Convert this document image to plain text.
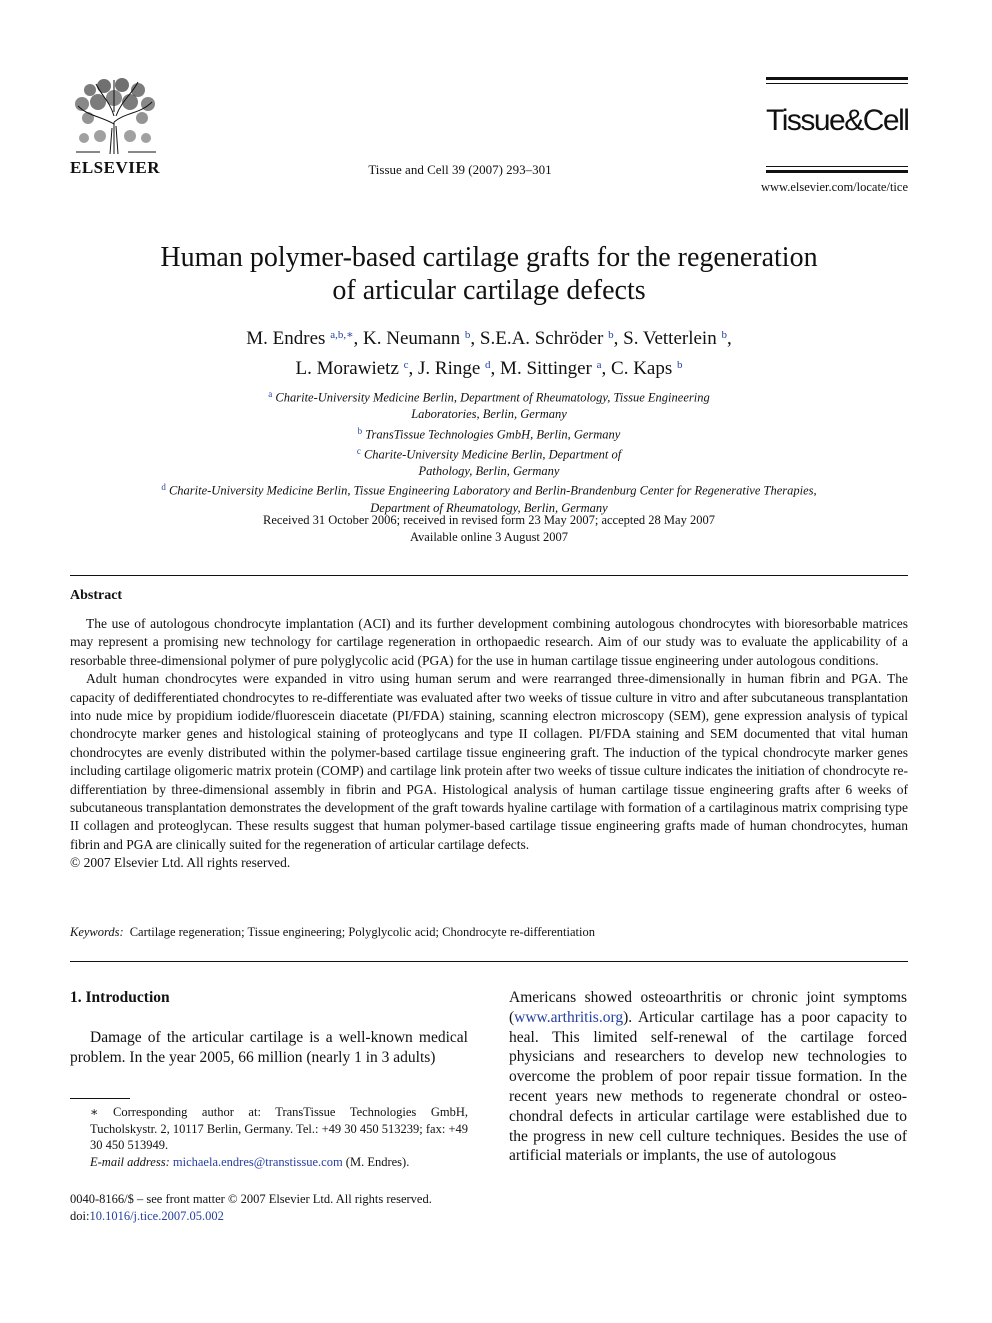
ELSEVIER	Tissue and Cell 39 (2007) 293–301
Tissue&Cell
www.elsevier.com/locate/tice
Human polymer-based cartilage grafts for the regeneration
of articular cartilage defects
M. Endres $^{a,b,∗}$, K. Neumann $^b$, S.E.A. Schröder $^b$, S. Vetterlein $^b$,
L. Morawietz $^c$, J. Ringe $^d$, M. Sittinger $^a$, C. Kaps $^b$
$^a$ Charite-University Medicine Berlin, Department of Rheumatology, Tissue Engineering
Laboratories, Berlin, Germany
$^b$ TransTissue Technologies GmbH, Berlin, Germany
$^c$ Charite-University Medicine Berlin, Department of
Pathology, Berlin, Germany
$^d$ Charite-University Medicine Berlin, Tissue Engineering Laboratory and Berlin-Brandenburg Center for Regenerative Therapies,
Department of Rheumatology, Berlin, Germany
Received 31 October 2006; received in revised form 23 May 2007; accepted 28 May 2007
Available online 3 August 2007
Abstract

The use of autologous chondrocyte implantation (ACI) and its further development combining autologous chondrocytes with bioresorbable matrices may represent a promising new technology for cartilage regeneration in orthopaedic research. Aim of our study was to evaluate the applicability of a resorbable three-dimensional polymer of pure polyglycolic acid (PGA) for the use in human cartilage tissue engineering under autologous conditions.

Adult human chondrocytes were expanded in vitro using human serum and were rearranged three-dimensionally in human fibrin and PGA. The capacity of dedifferentiated chondrocytes to re-differentiate was evaluated after two weeks of tissue culture in vitro and after subcutaneous transplantation into nude mice by propidium iodide/fluorescein diacetate (PI/FDA) staining, scanning electron microscopy (SEM), gene expression analysis of typical chondrocyte marker genes and histological staining of proteoglycans and type II collagen. PI/FDA staining and SEM documented that vital human chondrocytes are evenly distributed within the polymer-based cartilage tissue engineering graft. The induction of the typical chondrocyte marker genes including cartilage oligomeric matrix protein (COMP) and cartilage link protein after two weeks of tissue culture indicates the initiation of chondrocyte re-differentiation by three-dimensional assembly in fibrin and PGA. Histological analysis of human cartilage tissue engineering grafts after 6 weeks of subcutaneous transplantation demonstrates the development of the graft towards hyaline cartilage with formation of a cartilaginous matrix comprising type II collagen and proteoglycan. These results suggest that human polymer-based cartilage tissue engineering grafts made of human chondrocytes, human fibrin and PGA are clinically suited for the regeneration of articular cartilage defects.

© 2007 Elsevier Ltd. All rights reserved.

Keywords: Cartilage regeneration; Tissue engineering; Polyglycolic acid; Chondrocyte re-differentiation
1. Introduction

Damage of the articular cartilage is a well-known medical problem. In the year 2005, 66 million (nearly 1 in 3 adults)

Americans showed osteoarthritis or chronic joint symptoms (www.arthritis.org). Articular cartilage has a poor capacity to heal. This limited self-renewal of the cartilage forced physicians and researchers to develop new technologies to overcome the problem of poor repair tissue formation. In the recent years new methods to regenerate chondral or osteo-chondral defects in articular cartilage were established due to the progress in new cell culture techniques. Besides the use of artificial materials or implants, the use of autologous

∗ Corresponding author at: TransTissue Technologies GmbH, Tucholskystr. 2, 10117 Berlin, Germany. Tel.: +49 30 450 513239; fax: +49 30 450 513949.
E-mail address: michaela.endres@transtissue.com (M. Endres).
0040-8166/$ – see front matter © 2007 Elsevier Ltd. All rights reserved.
doi:10.1016/j.tice.2007.05.002
